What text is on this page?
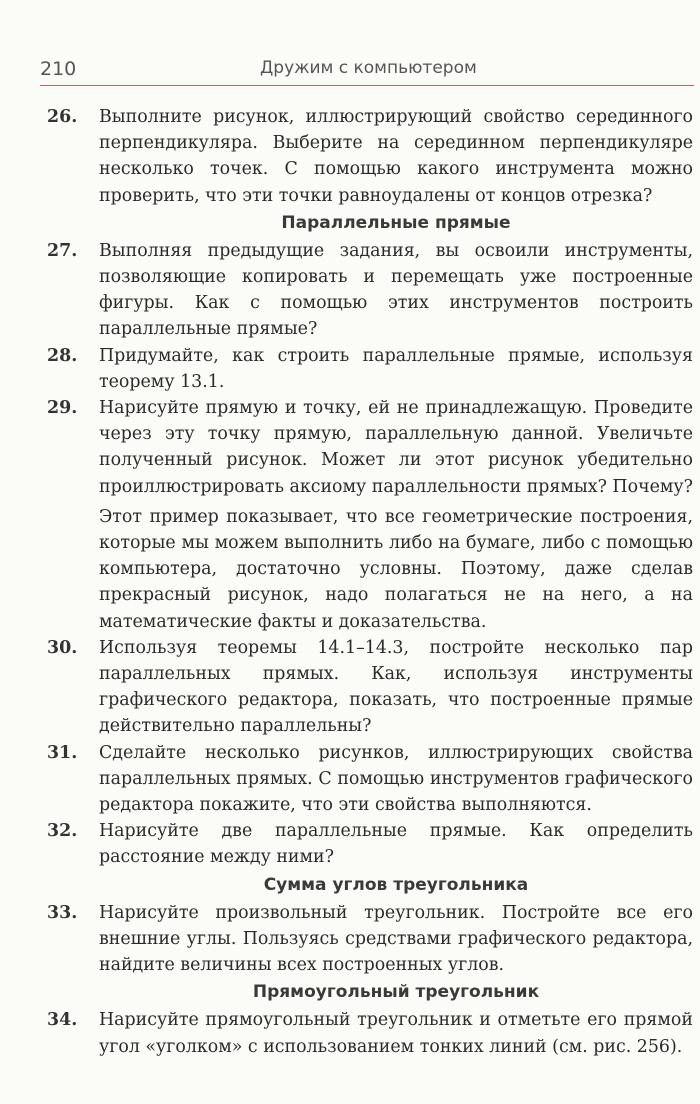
210	Дружим с компьютером
26.	Выполните рисунок, иллюстрирующий свойство серединного перпендикуляра. Выберите на серединном перпендикуляре несколько точек. С помощью какого инструмента можно проверить, что эти точки равноудалены от концов отрезка?

Параллельные прямые
27.	Выполняя предыдущие задания, вы освоили инструменты, позволяющие копировать и перемещать уже построенные фигуры. Как с помощью этих инструментов построить параллельные прямые?

28.	Придумайте, как строить параллельные прямые, используя теорему 13.1.

29.	Нарисуйте прямую и точку, ей не принадлежащую. Проведите через эту точку прямую, параллельную данной. Увеличьте полученный рисунок. Может ли этот рисунок убедительно проиллюстрировать аксиому параллельности прямых? Почему?

Этот пример показывает, что все геометрические построения, которые мы можем выполнить либо на бумаге, либо с помощью компьютера, достаточно условны. Поэтому, даже сделав прекрасный рисунок, надо полагаться не на него, а на математические факты и доказательства.

30.	Используя теоремы 14.1–14.3, постройте несколько пар параллельных прямых. Как, используя инструменты графического редактора, показать, что построенные прямые действительно параллельны?

31.	Сделайте несколько рисунков, иллюстрирующих свойства параллельных прямых. С помощью инструментов графического редактора покажите, что эти свойства выполняются.

32.	Нарисуйте две параллельные прямые. Как определить расстояние между ними?

Сумма углов треугольника
33.	Нарисуйте произвольный треугольник. Постройте все его внешние углы. Пользуясь средствами графического редактора, найдите величины всех построенных углов.

Прямоугольный треугольник
34.	Нарисуйте прямоугольный треугольник и отметьте его прямой угол «уголком» с использованием тонких линий (см. рис. 256).
